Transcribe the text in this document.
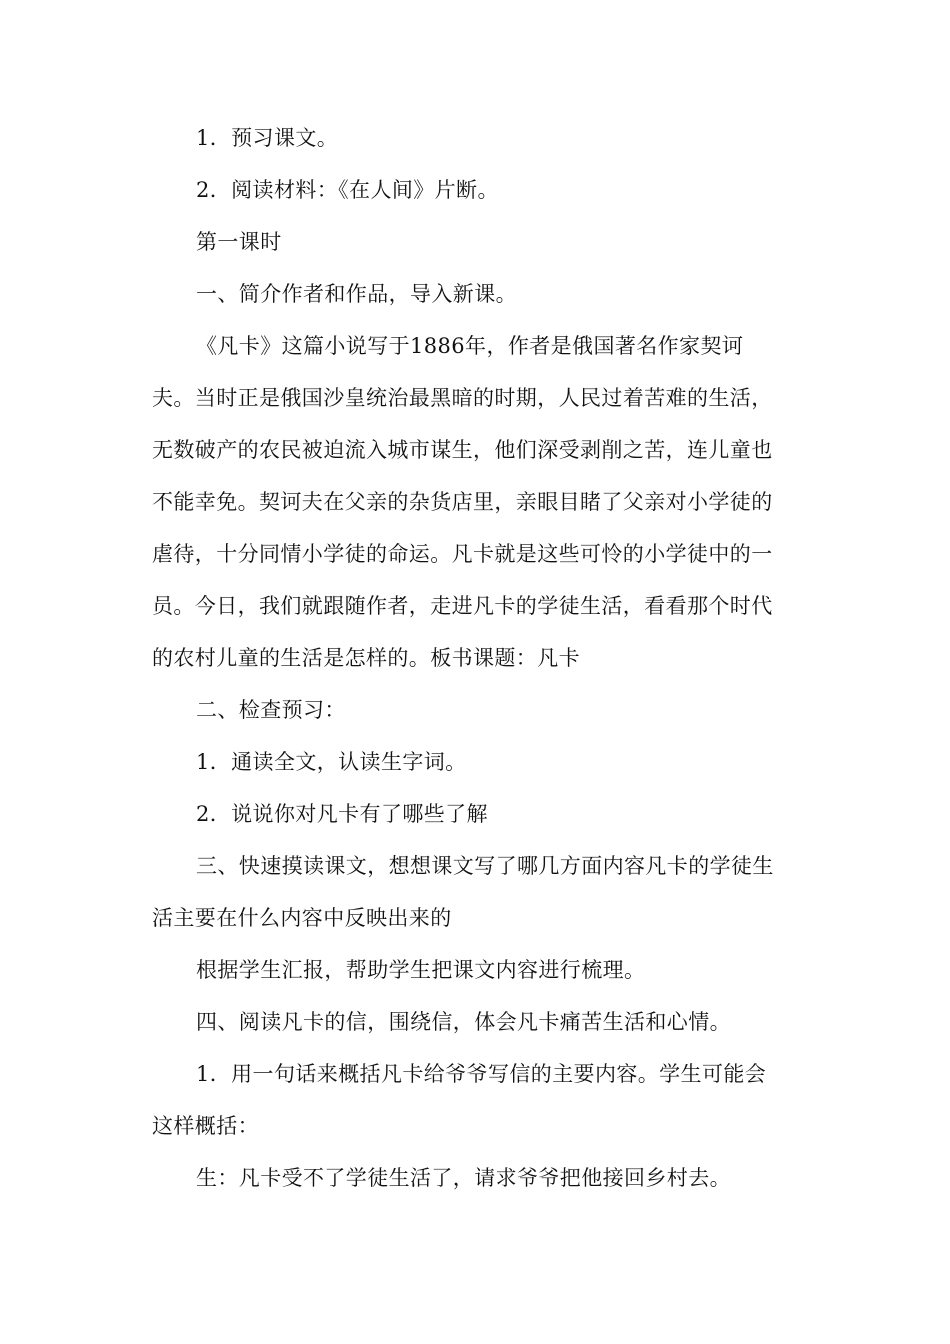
1．预习课文。
2．阅读材料：《在人间》片断。
第一课时
一、简介作者和作品，导入新课。
《凡卡》这篇小说写于1886年，作者是俄国著名作家契诃
夫。当时正是俄国沙皇统治最黑暗的时期，人民过着苦难的生活，
无数破产的农民被迫流入城市谋生，他们深受剥削之苦，连儿童也
不能幸免。契诃夫在父亲的杂货店里，亲眼目睹了父亲对小学徒的
虐待，十分同情小学徒的命运。凡卡就是这些可怜的小学徒中的一
员。今日，我们就跟随作者，走进凡卡的学徒生活，看看那个时代
的农村儿童的生活是怎样的。板书课题：凡卡
二、检查预习：
1．通读全文，认读生字词。
2．说说你对凡卡有了哪些了解
三、快速摸读课文，想想课文写了哪几方面内容凡卡的学徒生
活主要在什么内容中反映出来的
根据学生汇报，帮助学生把课文内容进行梳理。
四、阅读凡卡的信，围绕信，体会凡卡痛苦生活和心情。
1．用一句话来概括凡卡给爷爷写信的主要内容。学生可能会
这样概括：
生：凡卡受不了学徒生活了，请求爷爷把他接回乡村去。
